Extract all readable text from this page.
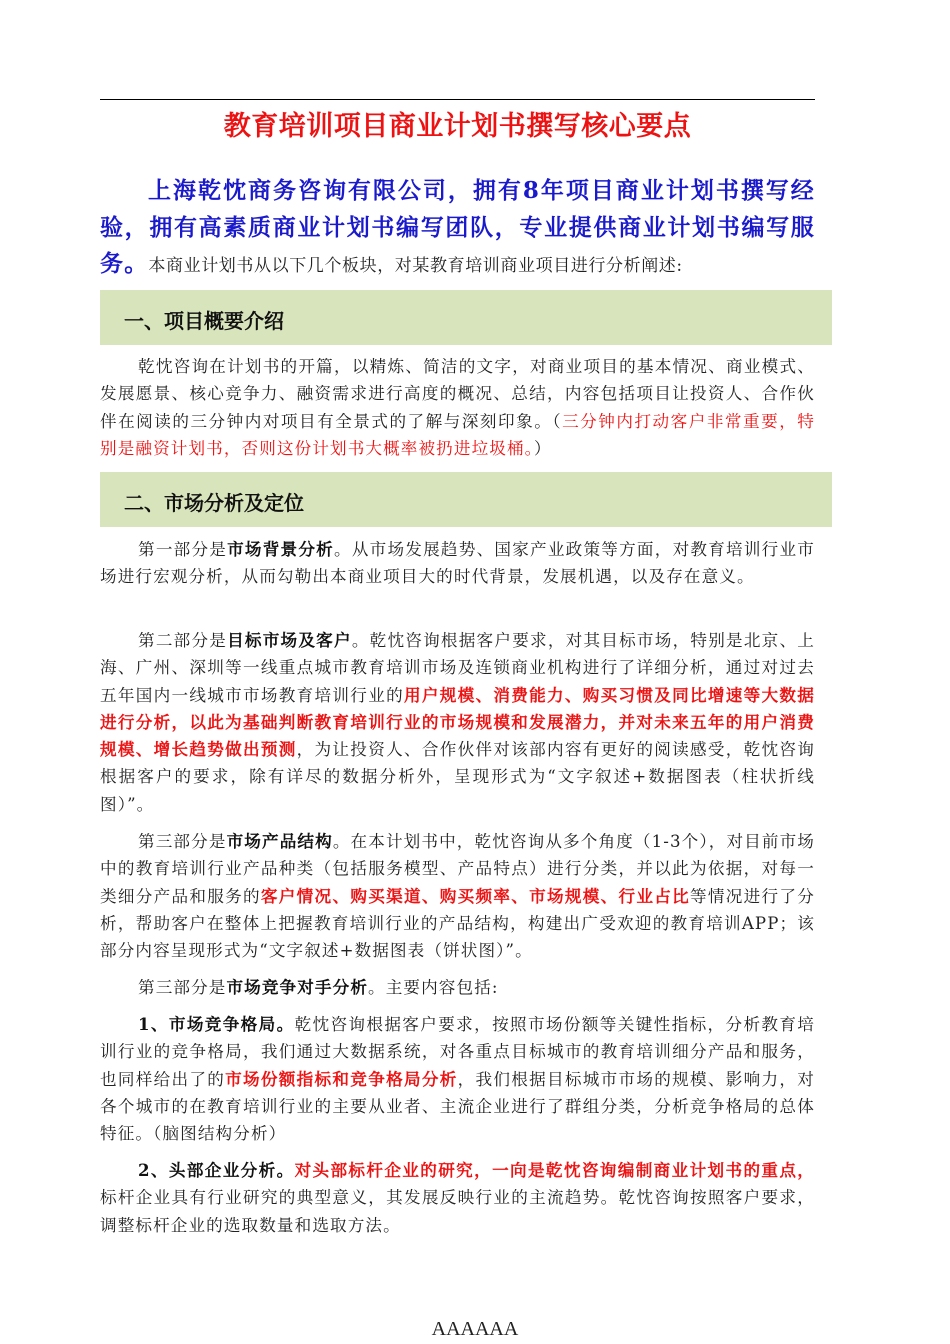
教育培训项目商业计划书撰写核心要点
上海乾忱商务咨询有限公司，拥有8年项目商业计划书撰写经验，拥有高素质商业计划书编写团队，专业提供商业计划书编写服务。本商业计划书从以下几个板块，对某教育培训商业项目进行分析阐述:
一、项目概要介绍
乾忱咨询在计划书的开篇，以精炼、简洁的文字，对商业项目的基本情况、商业模式、发展愿景、核心竞争力、融资需求进行高度的概况、总结，内容包括项目让投资人、合作伙伴在阅读的三分钟内对项目有全景式的了解与深刻印象。（三分钟内打动客户非常重要，特别是融资计划书，否则这份计划书大概率被扔进垃圾桶。）
二、市场分析及定位
第一部分是市场背景分析。从市场发展趋势、国家产业政策等方面，对教育培训行业市场进行宏观分析，从而勾勒出本商业项目大的时代背景，发展机遇，以及存在意义。
第二部分是目标市场及客户。乾忱咨询根据客户要求，对其目标市场，特别是北京、上海、广州、深圳等一线重点城市教育培训市场及连锁商业机构进行了详细分析，通过对过去五年国内一线城市市场教育培训行业的用户规模、消费能力、购买习惯及同比增速等大数据进行分析，以此为基础判断教育培训行业的市场规模和发展潜力，并对未来五年的用户消费规模、增长趋势做出预测，为让投资人、合作伙伴对该部内容有更好的阅读感受，乾忱咨询根据客户的要求，除有详尽的数据分析外，呈现形式为“文字叙述+数据图表（柱状折线图）”。
第三部分是市场产品结构。在本计划书中，乾忱咨询从多个角度（1-3个），对目前市场中的教育培训行业产品种类（包括服务模型、产品特点）进行分类，并以此为依据，对每一类细分产品和服务的客户情况、购买渠道、购买频率、市场规模、行业占比等情况进行了分析，帮助客户在整体上把握教育培训行业的产品结构，构建出广受欢迎的教育培训APP；该部分内容呈现形式为“文字叙述+数据图表（饼状图）”。
第三部分是市场竞争对手分析。主要内容包括:
1、市场竞争格局。乾忱咨询根据客户要求，按照市场份额等关键性指标，分析教育培训行业的竞争格局，我们通过大数据系统，对各重点目标城市的教育培训细分产品和服务，也同样给出了的市场份额指标和竞争格局分析，我们根据目标城市市场的规模、影响力，对各个城市的在教育培训行业的主要从业者、主流企业进行了群组分类，分析竞争格局的总体特征。（脑图结构分析）
2、头部企业分析。对头部标杆企业的研究，一向是乾忱咨询编制商业计划书的重点，标杆企业具有行业研究的典型意义，其发展反映行业的主流趋势。乾忱咨询按照客户要求，调整标杆企业的选取数量和选取方法。
AAAAAA
